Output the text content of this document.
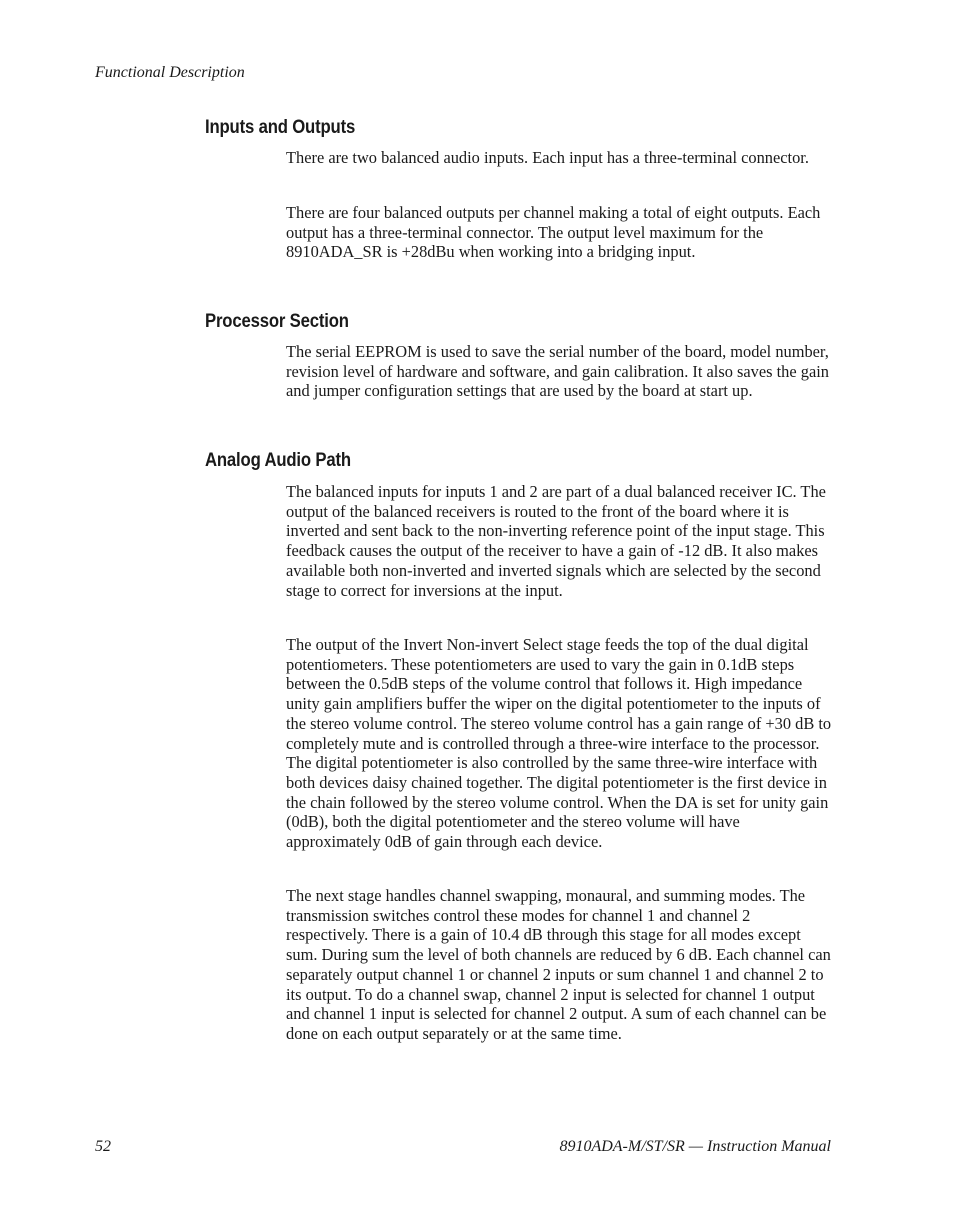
Functional Description

Inputs and Outputs

There are two balanced audio inputs. Each input has a three-terminal connector.

There are four balanced outputs per channel making a total of eight outputs. Each output has a three-terminal connector. The output level maximum for the 8910ADA_SR is +28dBu when working into a bridging input.

Processor Section

The serial EEPROM is used to save the serial number of the board, model number, revision level of hardware and software, and gain calibration. It also saves the gain and jumper configuration settings that are used by the board at start up.

Analog Audio Path

The balanced inputs for inputs 1 and 2 are part of a dual balanced receiver IC. The output of the balanced receivers is routed to the front of the board where it is inverted and sent back to the non-inverting reference point of the input stage. This feedback causes the output of the receiver to have a gain of -12 dB. It also makes available both non-inverted and inverted signals which are selected by the second stage to correct for inversions at the input.

The output of the Invert Non-invert Select stage feeds the top of the dual digital potentiometers. These potentiometers are used to vary the gain in 0.1dB steps between the 0.5dB steps of the volume control that follows it. High impedance unity gain amplifiers buffer the wiper on the digital potentiometer to the inputs of the stereo volume control. The stereo volume control has a gain range of +30 dB to completely mute and is controlled through a three-wire interface to the processor. The digital potentiometer is also controlled by the same three-wire interface with both devices daisy chained together. The digital potentiometer is the first device in the chain followed by the stereo volume control. When the DA is set for unity gain (0dB), both the digital potentiometer and the stereo volume will have approximately 0dB of gain through each device.

The next stage handles channel swapping, monaural, and summing modes. The transmission switches control these modes for channel 1 and channel 2 respectively. There is a gain of 10.4 dB through this stage for all modes except sum. During sum the level of both channels are reduced by 6 dB. Each channel can separately output channel 1 or channel 2 inputs or sum channel 1 and channel 2 to its output. To do a channel swap, channel 2 input is selected for channel 1 output and channel 1 input is selected for channel 2 output. A sum of each channel can be done on each output separately or at the same time.

52	8910ADA-M/ST/SR — Instruction Manual
